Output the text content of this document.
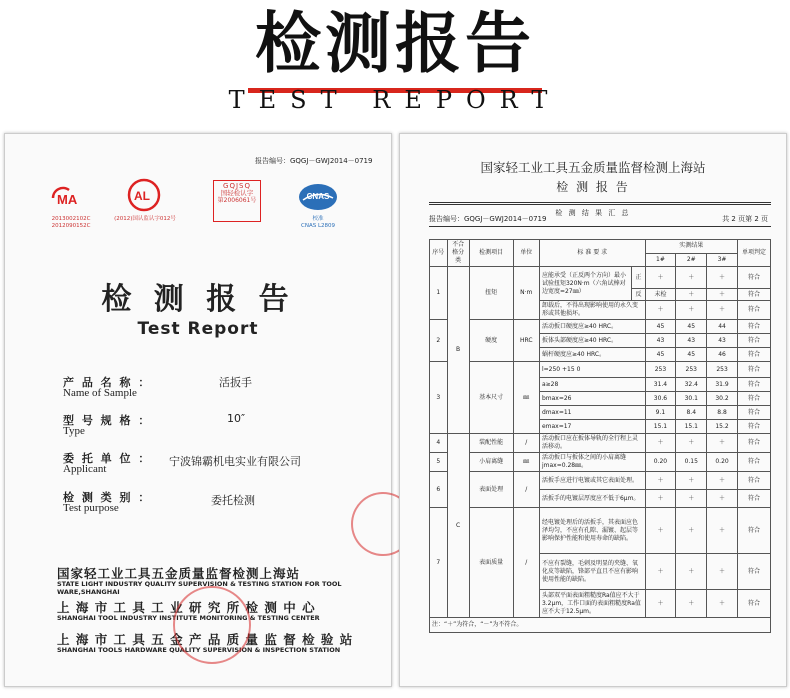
检测报告
TEST REPORT
报告编号：GQGJ－GWJ2014－0719
MA
2013002102C
2012090152C
AL
(2012)国认监认字012号
GQJSQ
国轻检认字
第2006061号	CNAS
校准
CNAS L2809
检 测 报 告
Test Report
产 品 名 称 ：
Name of Sample
活扳手
型 号 规 格 ：
Type
10″
委 托 单 位 ：
Applicant
宁波锦霸机电实业有限公司
检 测 类 别 ：
Test purpose
委托检测
国家轻工业工具五金质量监督检测上海站
STATE LIGHT INDUSTRY QUALITY SUPERVISION & TESTING STATION FOR TOOL WARE,SHANGHAI
上 海 市 工 具 工 业 研 究 所 检 测 中 心
SHANGHAI TOOL INDUSTRY INSTITUTE MONITORING & TESTING CENTER
上 海 市 工 具 五 金 产 品 质 量 监 督 检 验 站
SHANGHAI TOOLS HARDWARE QUALITY SUPERVISION & INSPECTION STATION
国家轻工业工具五金质量监督检测上海站
检 测 报 告
检 测 结 果 汇 总
报告编号：GQGJ－GWJ2014－0719	共 2 页第 2 页
序号	不合格分类	检测项目	单位	标 准 要 求		实测结果			单项判定
						1#	2#	3#	
1	B	扭矩	N·m	应能承受（正反两个方向）最小试验扭矩320N·m（六角试棒对边宽度=27㎜）	正	＋	＋	＋	符合
					反	未检	＋	＋	符合
				卸载后，不得出现影响使用的永久变形或其他损坏。		＋	＋	＋	符合
2		硬度	HRC	活动扳口硬度应≥40 HRC。		45	45	44	符合
				扳体头部硬度应≥40 HRC。		43	43	43	符合
				蜗杆硬度应≥40 HRC。		45	45	46	符合
3		基本尺寸	㎜	l=250 +15 0		253	253	253	符合
				a≥28		31.4	32.4	31.9	符合
				bmax=26		30.6	30.1	30.2	符合
				dmax=11		9.1	8.4	8.8	符合
				emax=17		15.1	15.1	15.2	符合
4	C	装配性能	/	活动扳口应在扳体导轨的全行程上灵活移动。		＋	＋	＋	符合
5		小肩离缝	㎜	活动扳口与扳体之间的小肩离缝jmax=0.28㎜。		0.20	0.15	0.20	符合
6		表面处理	/	活扳手应进行电镀或其它表面处理。		＋	＋	＋	符合
				活扳手的电镀层厚度应不低于6μm。		＋	＋	＋	符合
7		表面质量	/	经电镀处理后的活扳手，其表面应色泽均匀，不应有孔隙、漏镀、起层等影响保护性能和使用寿命的缺陷。		＋	＋	＋	符合
				不应有裂缝，毛刺及明显的夹缝、氧化皮等缺陷，锋部平直且不应有影响使用性能的缺陷。		＋	＋	＋	符合
				头部双平面表面粗糙度Ra值应不大于3.2μm，工作口面的表面粗糙度Ra值应不大于12.5μm。		＋	＋	＋	符合
注：“＋”为符合，“－”为不符合。									
